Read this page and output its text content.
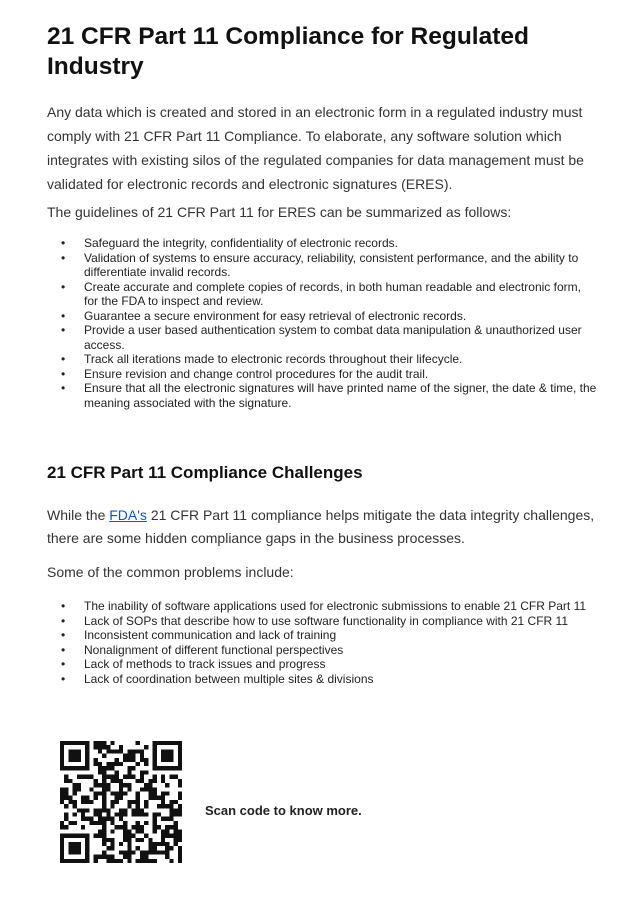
21 CFR Part 11 Compliance for Regulated Industry

Any data which is created and stored in an electronic form in a regulated industry must comply with 21 CFR Part 11 Compliance. To elaborate, any software solution which integrates with existing silos of the regulated companies for data management must be validated for electronic records and electronic signatures (ERES).

The guidelines of 21 CFR Part 11 for ERES can be summarized as follows:

• Safeguard the integrity, confidentiality of electronic records.
• Validation of systems to ensure accuracy, reliability, consistent performance, and the ability to differentiate invalid records.
• Create accurate and complete copies of records, in both human readable and electronic form, for the FDA to inspect and review.
• Guarantee a secure environment for easy retrieval of electronic records.
• Provide a user based authentication system to combat data manipulation & unauthorized user access.
• Track all iterations made to electronic records throughout their lifecycle.
• Ensure revision and change control procedures for the audit trail.
• Ensure that all the electronic signatures will have printed name of the signer, the date & time, the meaning associated with the signature.
21 CFR Part 11 Compliance Challenges

While the FDA's 21 CFR Part 11 compliance helps mitigate the data integrity challenges, there are some hidden compliance gaps in the business processes.

Some of the common problems include:

• The inability of software applications used for electronic submissions to enable 21 CFR Part 11
• Lack of SOPs that describe how to use software functionality in compliance with 21 CFR 11
• Inconsistent communication and lack of training
• Nonalignment of different functional perspectives
• Lack of methods to track issues and progress
• Lack of coordination between multiple sites & divisions

Scan code to know more.
